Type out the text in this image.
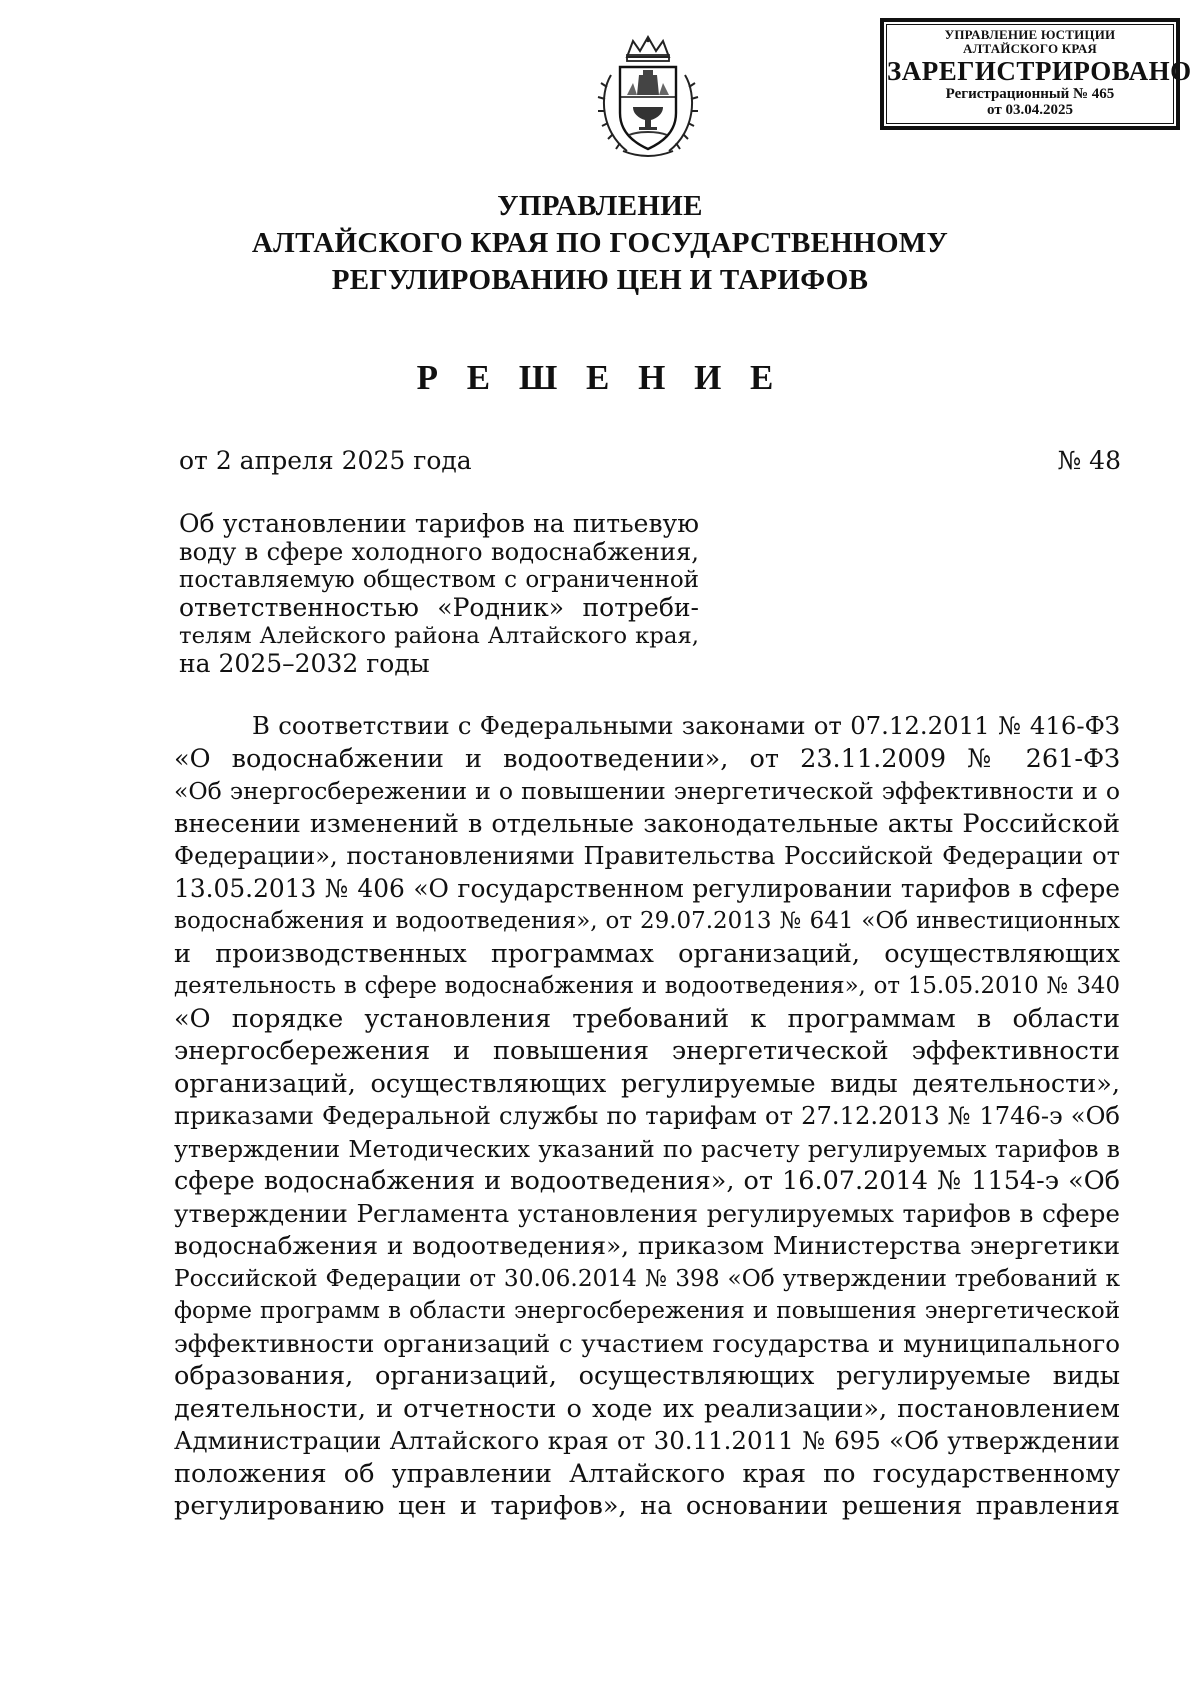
УПРАВЛЕНИЕ ЮСТИЦИИ
АЛТАЙСКОГО КРАЯ
ЗАРЕГИСТРИРОВАНО
Регистрационный № 465
от 03.04.2025
УПРАВЛЕНИЕ
АЛТАЙСКОГО КРАЯ ПО ГОСУДАРСТВЕННОМУ
РЕГУЛИРОВАНИЮ ЦЕН И ТАРИФОВ
Р Е Ш Е Н И Е
от 2 апреля 2025 года	№ 48
Об установлении тарифов на питьевую
воду в сфере холодного водоснабжения,
поставляемую обществом с ограниченной
ответственностью «Родник» потреби-
телям Алейского района Алтайского края,
на 2025–2032 годы
В соответствии с Федеральными законами от 07.12.2011 № 416-ФЗ
«О водоснабжении и водоотведении», от 23.11.2009 № 261-ФЗ
«Об энергосбережении и о повышении энергетической эффективности и о
внесении изменений в отдельные законодательные акты Российской
Федерации», постановлениями Правительства Российской Федерации от
13.05.2013 № 406 «О государственном регулировании тарифов в сфере
водоснабжения и водоотведения», от 29.07.2013 № 641 «Об инвестиционных
и производственных программах организаций, осуществляющих
деятельность в сфере водоснабжения и водоотведения», от 15.05.2010 № 340
«О порядке установления требований к программам в области
энергосбережения и повышения энергетической эффективности
организаций, осуществляющих регулируемые виды деятельности»,
приказами Федеральной службы по тарифам от 27.12.2013 № 1746-э «Об
утверждении Методических указаний по расчету регулируемых тарифов в
сфере водоснабжения и водоотведения», от 16.07.2014 № 1154-э «Об
утверждении Регламента установления регулируемых тарифов в сфере
водоснабжения и водоотведения», приказом Министерства энергетики
Российской Федерации от 30.06.2014 № 398 «Об утверждении требований к
форме программ в области энергосбережения и повышения энергетической
эффективности организаций с участием государства и муниципального
образования, организаций, осуществляющих регулируемые виды
деятельности, и отчетности о ходе их реализации», постановлением
Администрации Алтайского края от 30.11.2011 № 695 «Об утверждении
положения об управлении Алтайского края по государственному
регулированию цен и тарифов», на основании решения правления
